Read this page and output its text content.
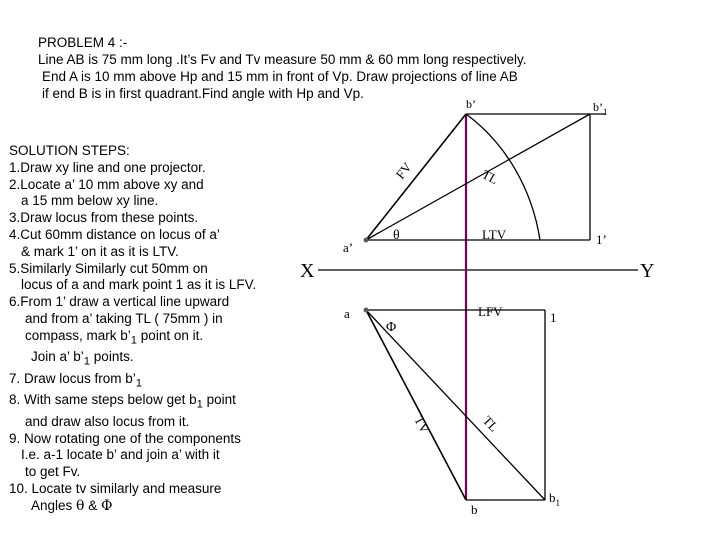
PROBLEM 4 :-
Line AB is 75 mm long .It’s Fv and Tv measure 50 mm & 60 mm long respectively.
End A is 10 mm above Hp and 15 mm in front of Vp. Draw projections of line AB
if end B is in first quadrant.Find angle with Hp and Vp.
SOLUTION STEPS:
1.Draw xy line and one projector.
2.Locate a’ 10 mm above xy and
a 15 mm below xy line.
3.Draw locus from these points.
4.Cut 60mm distance on locus of a’
& mark 1’ on it as it is LTV.
5.Similarly Similarly cut 50mm on
locus of a and mark point 1 as it is LFV.
6.From 1’ draw a vertical line upward
and from a’ taking TL ( 75mm ) in
compass, mark $b’_1$ point on it.
Join a’ $b’_1$ points.
7. Draw locus from $b’_1$
8. With same steps below get $b_1$ point
and draw also locus from it.
9. Now rotating one of the components
I.e. a-1 locate b’ and join a’ with it
to get Fv.
10. Locate tv similarly and measure
Angles θ & Φ
X	Y
a’
a
b’	$b’_1$
1’
1
b
$b_1$
LTV
LFV
θ
Φ
FV	TL
TV	TL
